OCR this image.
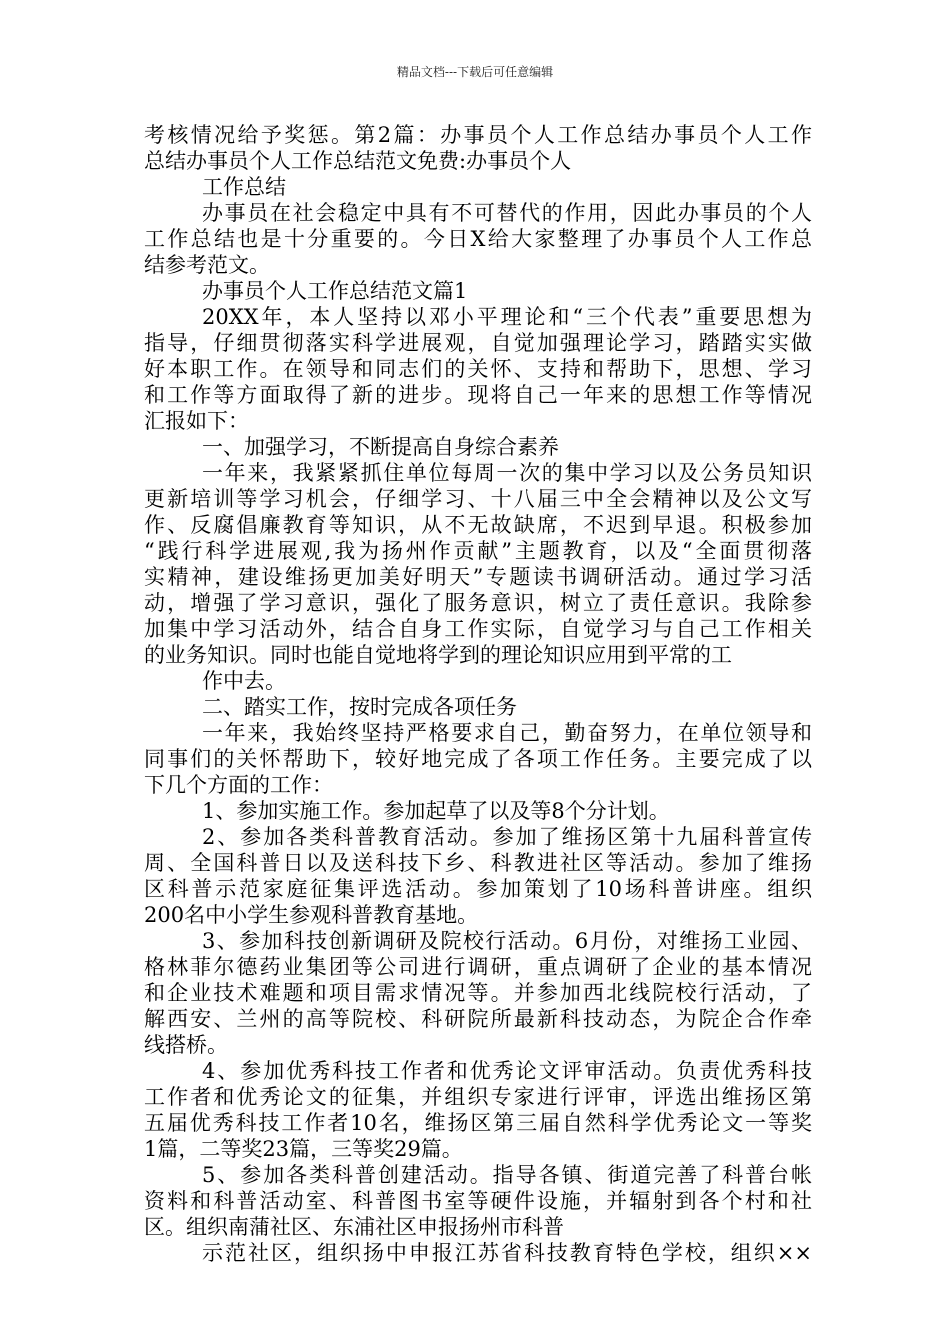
精品文档---下载后可任意编辑
考核情况给予奖惩。第2篇：办事员个人工作总结办事员个人工作
总结办事员个人工作总结范文免费:办事员个人
工作总结
办事员在社会稳定中具有不可替代的作用，因此办事员的个人
工作总结也是十分重要的。今日X给大家整理了办事员个人工作总
结参考范文。
办事员个人工作总结范文篇1
20XX年，本人坚持以邓小平理论和“三个代表”重要思想为
指导，仔细贯彻落实科学进展观，自觉加强理论学习，踏踏实实做
好本职工作。在领导和同志们的关怀、支持和帮助下，思想、学习
和工作等方面取得了新的进步。现将自己一年来的思想工作等情况
汇报如下：
一、加强学习，不断提高自身综合素养
一年来，我紧紧抓住单位每周一次的集中学习以及公务员知识
更新培训等学习机会，仔细学习、十八届三中全会精神以及公文写
作、反腐倡廉教育等知识，从不无故缺席，不迟到早退。积极参加
“践行科学进展观,我为扬州作贡献”主题教育，以及“全面贯彻落
实精神，建设维扬更加美好明天”专题读书调研活动。通过学习活
动，增强了学习意识，强化了服务意识，树立了责任意识。我除参
加集中学习活动外，结合自身工作实际，自觉学习与自己工作相关
的业务知识。同时也能自觉地将学到的理论知识应用到平常的工
作中去。
二、踏实工作，按时完成各项任务
一年来，我始终坚持严格要求自己，勤奋努力，在单位领导和
同事们的关怀帮助下，较好地完成了各项工作任务。主要完成了以
下几个方面的工作：
1、参加实施工作。参加起草了以及等8个分计划。
2、参加各类科普教育活动。参加了维扬区第十九届科普宣传
周、全国科普日以及送科技下乡、科教进社区等活动。参加了维扬
区科普示范家庭征集评选活动。参加策划了10场科普讲座。组织
200名中小学生参观科普教育基地。
3、参加科技创新调研及院校行活动。6月份，对维扬工业园、
格林菲尔德药业集团等公司进行调研，重点调研了企业的基本情况
和企业技术难题和项目需求情况等。并参加西北线院校行活动，了
解西安、兰州的高等院校、科研院所最新科技动态，为院企合作牵
线搭桥。
4、参加优秀科技工作者和优秀论文评审活动。负责优秀科技
工作者和优秀论文的征集，并组织专家进行评审，评选出维扬区第
五届优秀科技工作者10名，维扬区第三届自然科学优秀论文一等奖
1篇，二等奖23篇，三等奖29篇。
5、参加各类科普创建活动。指导各镇、街道完善了科普台帐
资料和科普活动室、科普图书室等硬件设施，并辐射到各个村和社
区。组织南蒲社区、东浦社区申报扬州市科普
示范社区，组织扬中申报江苏省科技教育特色学校，组织××
